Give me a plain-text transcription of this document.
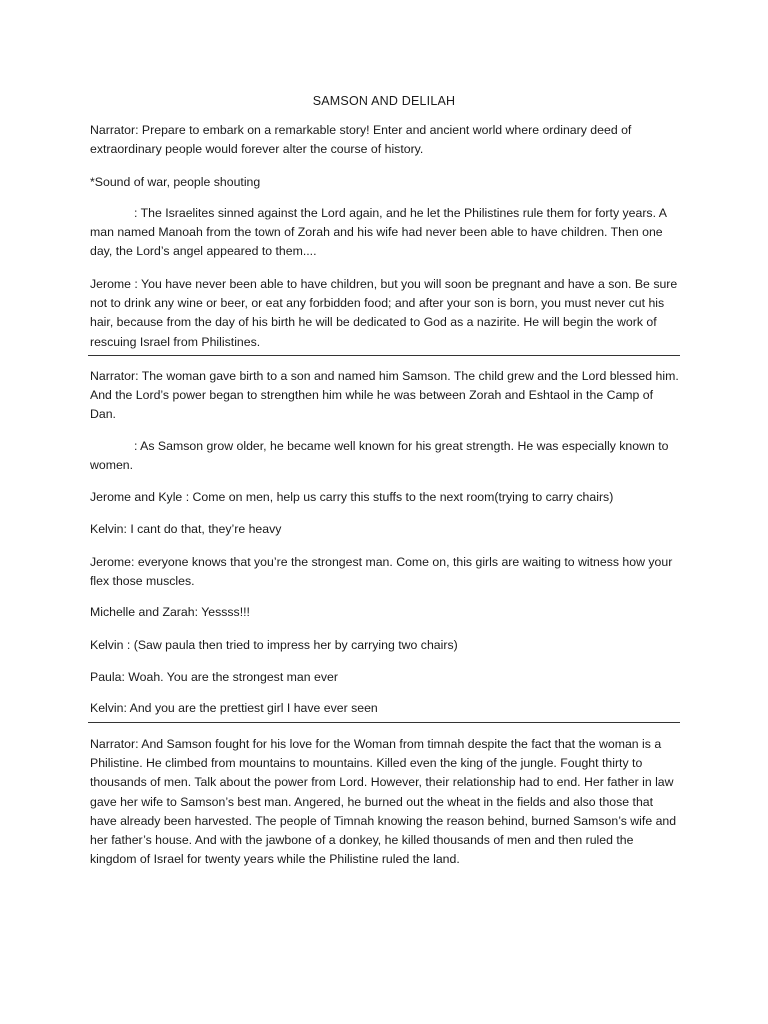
SAMSON AND DELILAH

Narrator: Prepare to embark on a remarkable story! Enter and ancient world where ordinary deed of extraordinary people would forever alter the course of history.

*Sound of war, people shouting

: The Israelites sinned against the Lord again, and he let the Philistines rule them for forty years. A man named Manoah from the town of Zorah and his wife had never been able to have children. Then one day, the Lord’s angel appeared to them....

Jerome : You have never been able to have children, but you will soon be pregnant and have a son. Be sure not to drink any wine or beer, or eat any forbidden food; and after your son is born, you must never cut his hair, because from the day of his birth he will be dedicated to God as a nazirite. He will begin the work of rescuing Israel from Philistines.

Narrator: The woman gave birth to a son and named him Samson. The child grew and the Lord blessed him. And the Lord’s power began to strengthen him while he was between Zorah and Eshtaol in the Camp of Dan.

: As Samson grow older, he became well known for his great strength. He was especially known to women.

Jerome and Kyle : Come on men, help us carry this stuffs to the next room(trying to carry chairs)

Kelvin: I cant do that, they’re heavy

Jerome: everyone knows that you’re the strongest man. Come on, this girls are waiting to witness how your flex those muscles.

Michelle and Zarah: Yessss!!!

Kelvin : (Saw paula then tried to impress her by carrying two chairs)

Paula: Woah. You are the strongest man ever

Kelvin: And you are the prettiest girl I have ever seen

Narrator: And Samson fought for his love for the Woman from timnah despite the fact that the woman is a Philistine. He climbed from mountains to mountains. Killed even the king of the jungle. Fought thirty to thousands of men. Talk about the power from Lord. However, their relationship had to end. Her father in law gave her wife to Samson’s best man. Angered, he burned out the wheat in the fields and also those that have already been harvested. The people of Timnah knowing the reason behind, burned Samson’s wife and her father’s house. And with the jawbone of a donkey, he killed thousands of men and then ruled the kingdom of Israel for twenty years while the Philistine ruled the land.
